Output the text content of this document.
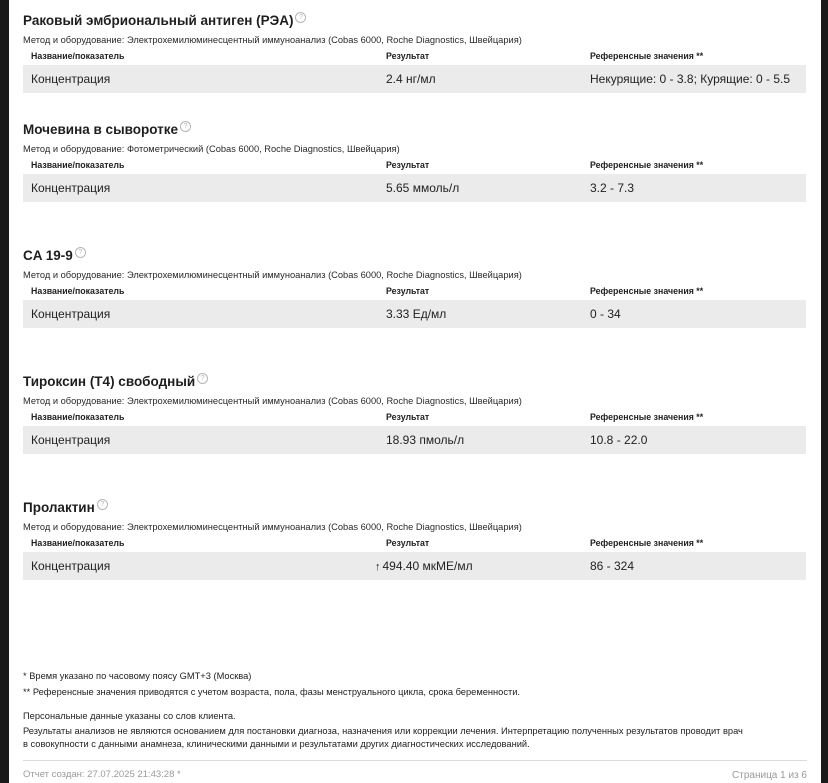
Раковый эмбриональный антиген (РЭА) ?
Метод и оборудование: Электрохемилюминесцентный иммуноанализ (Cobas 6000, Roche Diagnostics, Швейцария)
Название/показатель	Результат	Референсные значения **
Концентрация	2.4 нг/мл	Некурящие: 0 - 3.8; Курящие: 0 - 5.5
Мочевина в сыворотке ?
Метод и оборудование: Фотометрический (Cobas 6000, Roche Diagnostics, Швейцария)
Название/показатель	Результат	Референсные значения **
Концентрация	5.65 ммоль/л	3.2 - 7.3
CA 19-9 ?
Метод и оборудование: Электрохемилюминесцентный иммуноанализ (Cobas 6000, Roche Diagnostics, Швейцария)
Название/показатель	Результат	Референсные значения **
Концентрация	3.33 Ед/мл	0 - 34
Тироксин (Т4) свободный ?
Метод и оборудование: Электрохемилюминесцентный иммуноанализ (Cobas 6000, Roche Diagnostics, Швейцария)
Название/показатель	Результат	Референсные значения **
Концентрация	18.93 пмоль/л	10.8 - 22.0
Пролактин ?
Метод и оборудование: Электрохемилюминесцентный иммуноанализ (Cobas 6000, Roche Diagnostics, Швейцария)
Название/показатель	Результат	Референсные значения **
Концентрация	↑ 494.40 мкМЕ/мл	86 - 324

* Время указано по часовому поясу GMT+3 (Москва)

** Референсные значения приводятся с учетом возраста, пола, фазы менструального цикла, срока беременности.

Персональные данные указаны со слов клиента.

Результаты анализов не являются основанием для постановки диагноза, назначения или коррекции лечения. Интерпретацию полученных результатов проводит врач

в совокупности с данными анамнеза, клиническими данными и результатами других диагностических исследований.

Отчет создан: 27.07.2025 21:43:28 *	Страница 1 из 6
